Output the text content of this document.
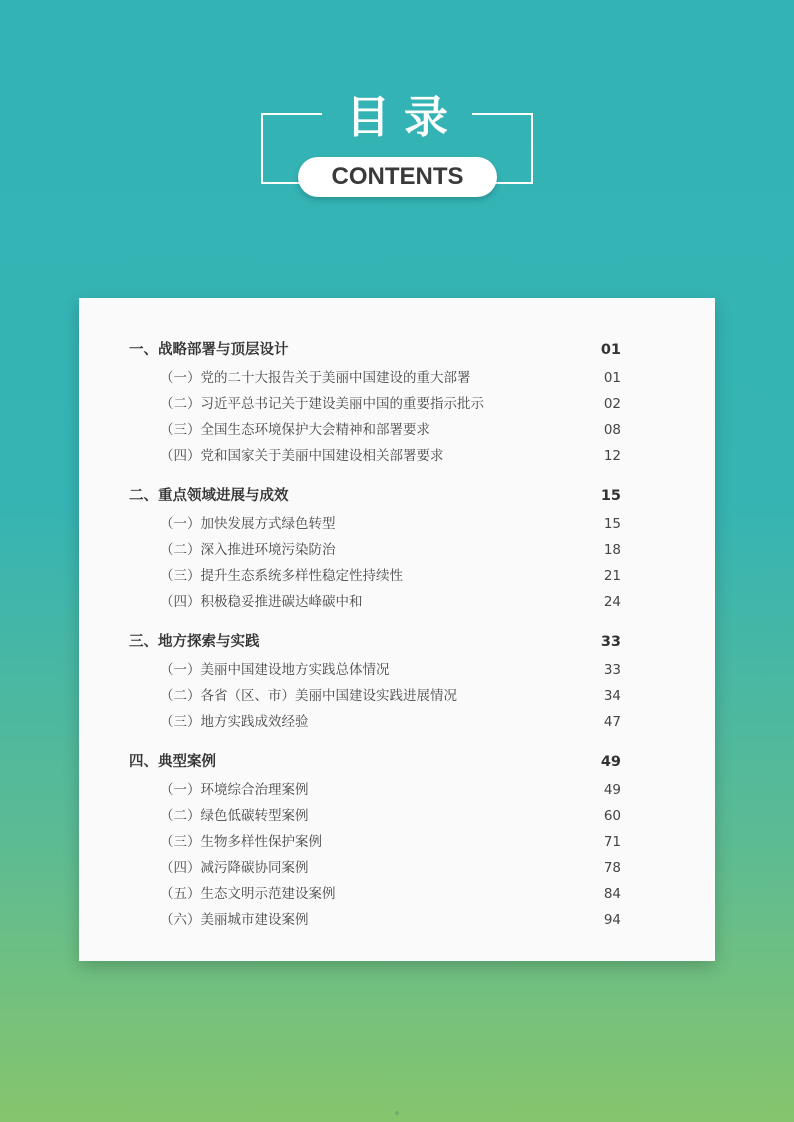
目录
CONTENTS
一、战略部署与顶层设计	01
（一）党的二十大报告关于美丽中国建设的重大部署	01
（二）习近平总书记关于建设美丽中国的重要指示批示	02
（三）全国生态环境保护大会精神和部署要求	08
（四）党和国家关于美丽中国建设相关部署要求	12
二、重点领域进展与成效	15
（一）加快发展方式绿色转型	15
（二）深入推进环境污染防治	18
（三）提升生态系统多样性稳定性持续性	21
（四）积极稳妥推进碳达峰碳中和	24
三、地方探索与实践	33
（一）美丽中国建设地方实践总体情况	33
（二）各省（区、市）美丽中国建设实践进展情况	34
（三）地方实践成效经验	47
四、典型案例	49
（一）环境综合治理案例	49
（二）绿色低碳转型案例	60
（三）生物多样性保护案例	71
（四）减污降碳协同案例	78
（五）生态文明示范建设案例	84
（六）美丽城市建设案例	94
